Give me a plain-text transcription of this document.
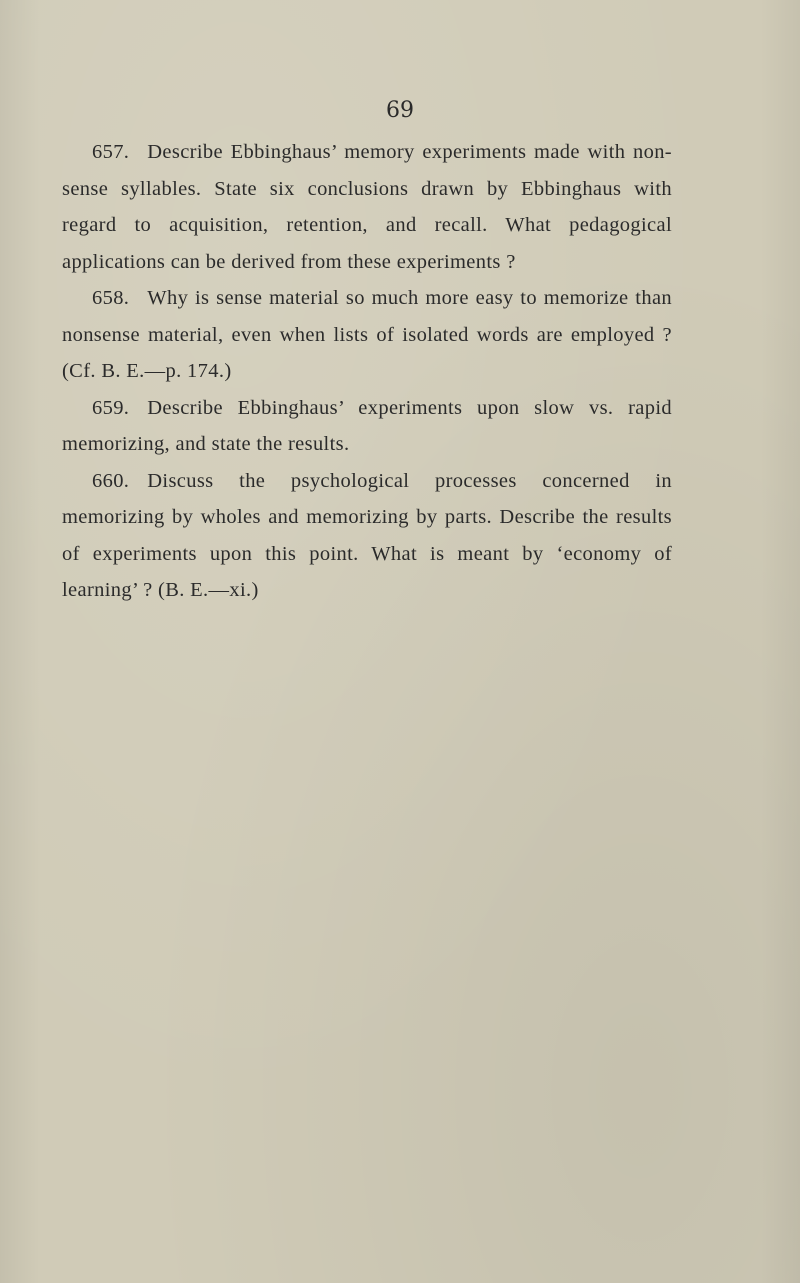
69

657. Describe Ebbinghaus’ memory experiments made with non-sense syllables. State six conclusions drawn by Ebbinghaus with regard to acquisition, retention, and recall. What pedagogical applications can be derived from these experiments ?

658. Why is sense material so much more easy to memorize than nonsense material, even when lists of isolated words are employed ? (Cf. B. E.—p. 174.)

659. Describe Ebbinghaus’ experiments upon slow vs. rapid memorizing, and state the results.

660. Discuss the psychological processes concerned in memorizing by wholes and memorizing by parts. Describe the results of experiments upon this point. What is meant by ‘economy of learning’ ? (B. E.—xi.)
